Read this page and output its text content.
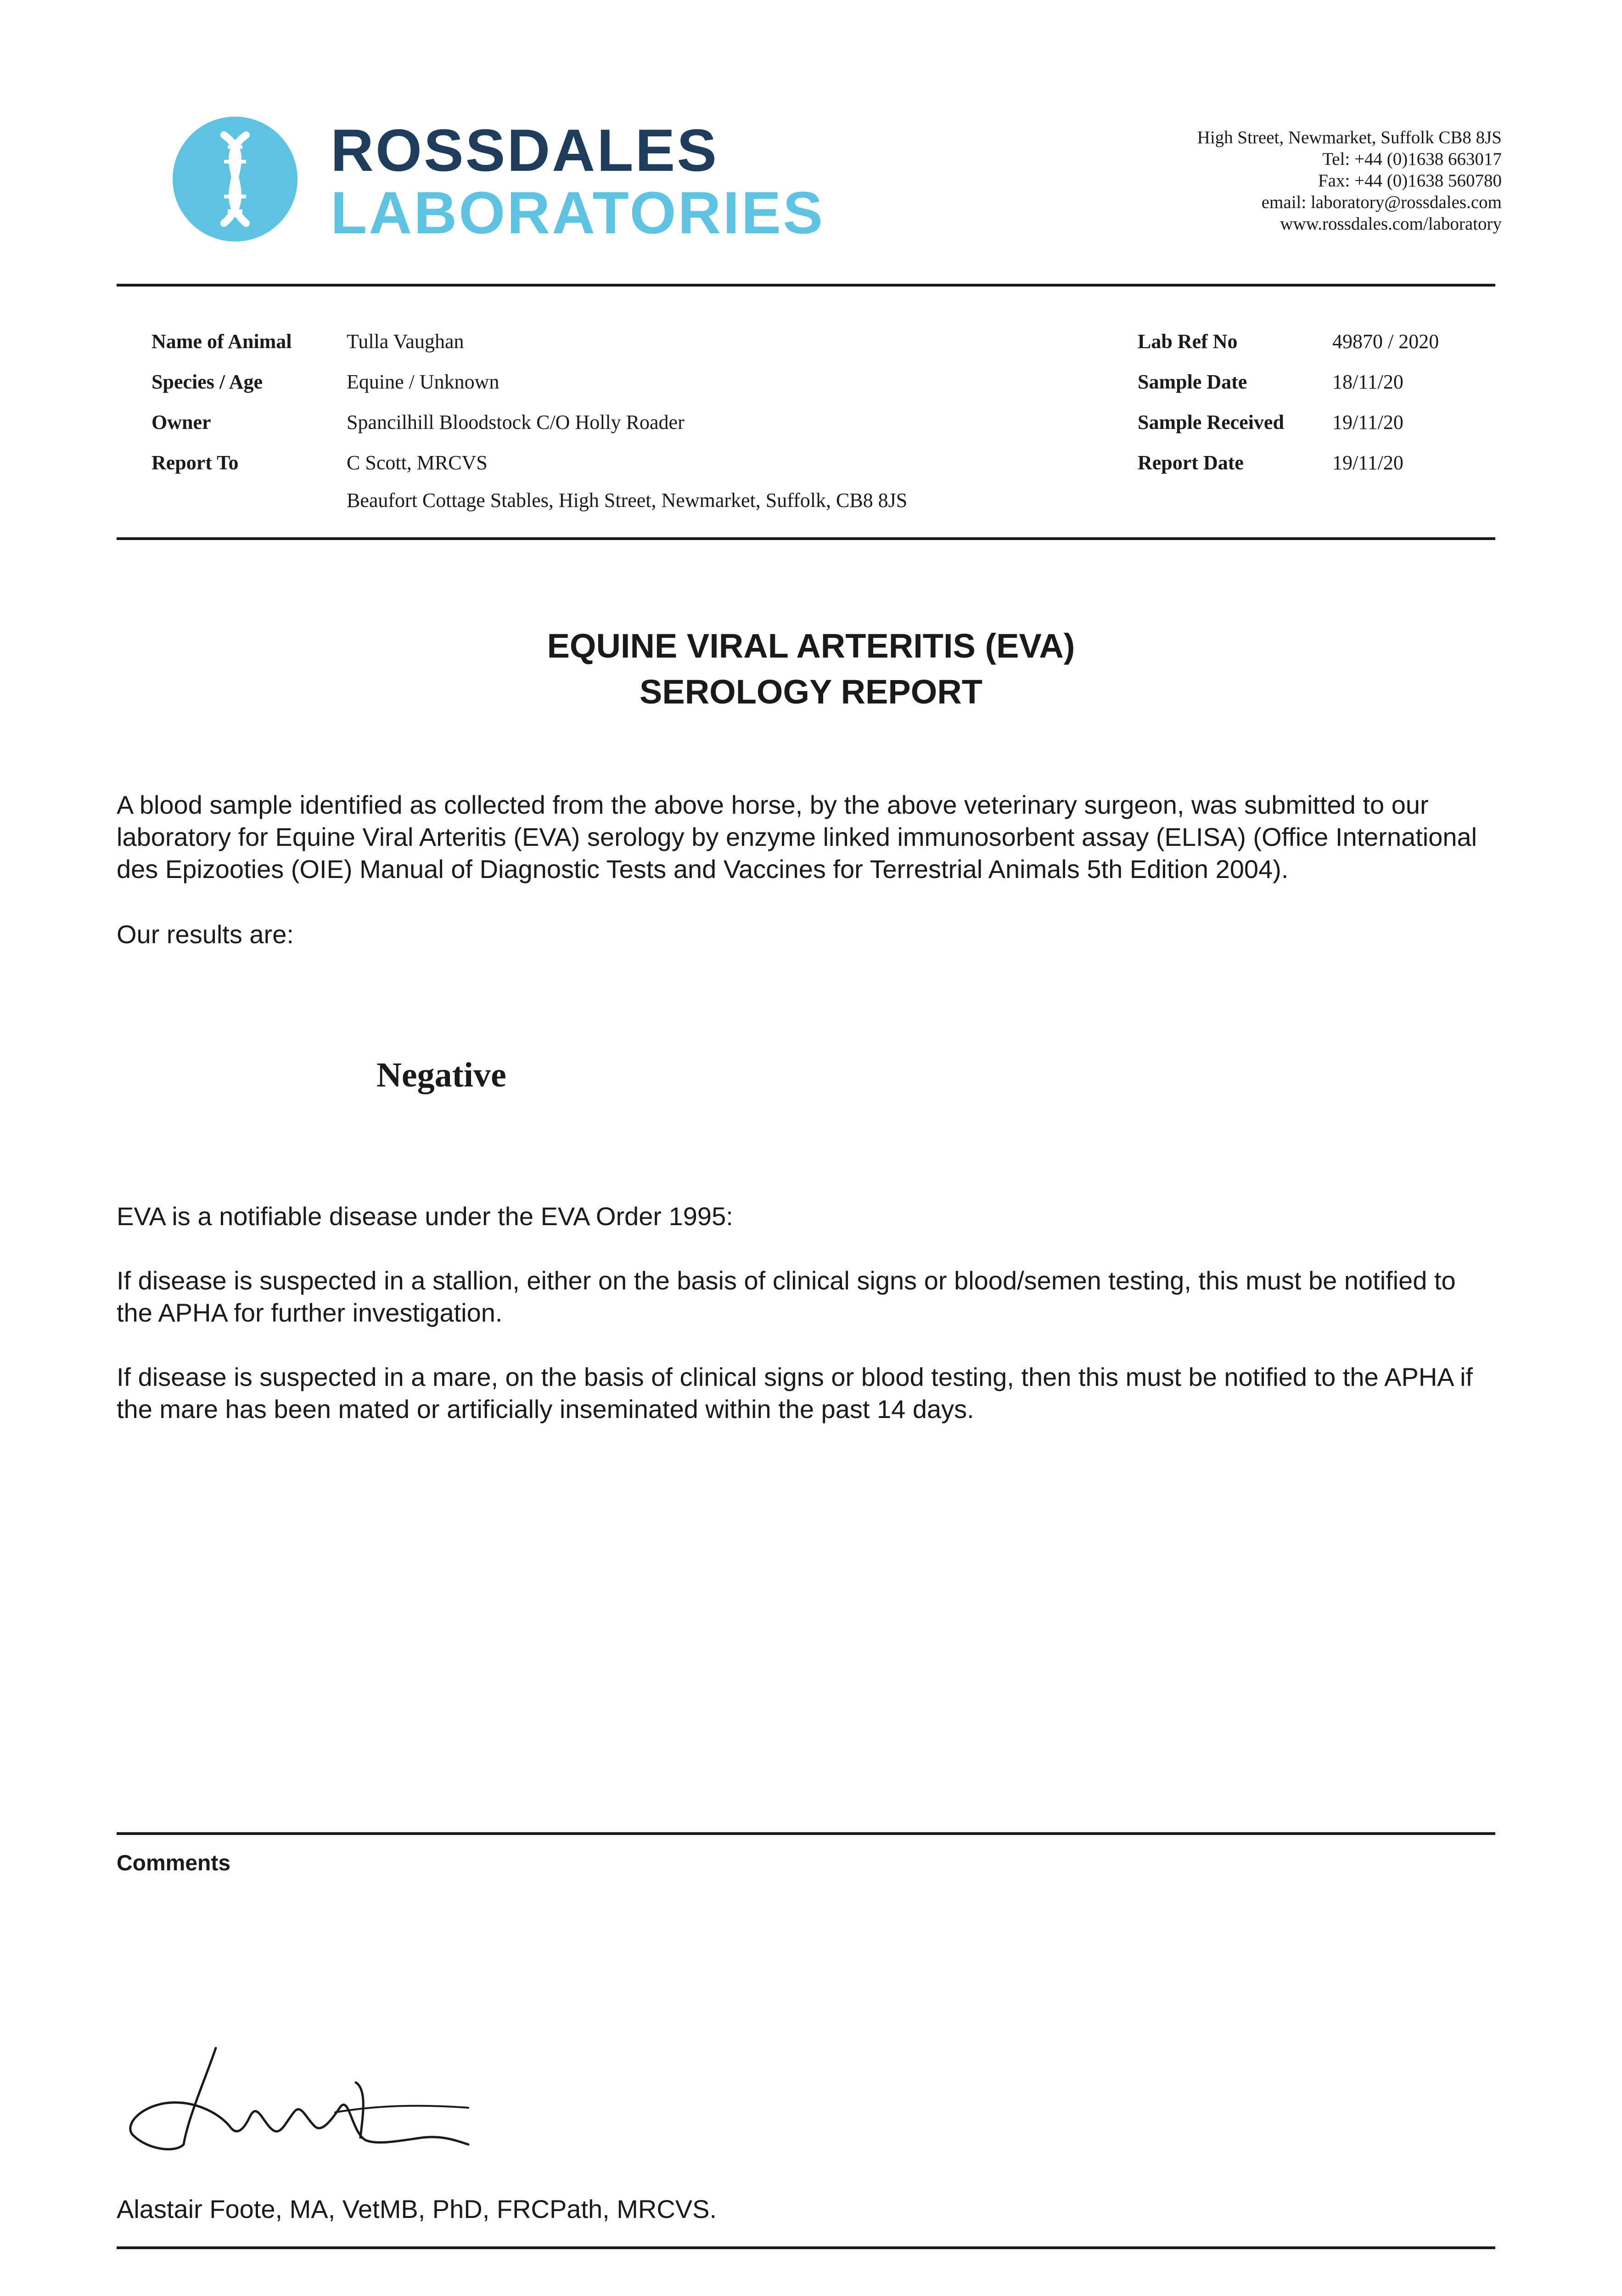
ROSSDALES
LABORATORIES
High Street, Newmarket, Suffolk CB8 8JS
Tel: +44 (0)1638 663017
Fax: +44 (0)1638 560780
email: laboratory@rossdales.com
www.rossdales.com/laboratory
Name of Animal	Tulla Vaughan
Species / Age	Equine / Unknown
Owner	Spancilhill Bloodstock C/O Holly Roader
Report To	C Scott, MRCVS
Beaufort Cottage Stables, High Street, Newmarket, Suffolk, CB8 8JS
Lab Ref No	49870 / 2020
Sample Date	18/11/20
Sample Received 19/11/20
Report Date	19/11/20
EQUINE VIRAL ARTERITIS (EVA)
SEROLOGY REPORT
A blood sample identified as collected from the above horse, by the above veterinary surgeon, was submitted to our laboratory for Equine Viral Arteritis (EVA) serology by enzyme linked immunosorbent assay (ELISA) (Office International des Epizooties (OIE) Manual of Diagnostic Tests and Vaccines for Terrestrial Animals 5th Edition 2004).
Our results are:
Negative
EVA is a notifiable disease under the EVA Order 1995:
If disease is suspected in a stallion, either on the basis of clinical signs or blood/semen testing, this must be notified to the APHA for further investigation.
If disease is suspected in a mare, on the basis of clinical signs or blood testing, then this must be notified to the APHA if the mare has been mated or artificially inseminated within the past 14 days.
Comments
Alastair Foote, MA, VetMB, PhD, FRCPath, MRCVS.
